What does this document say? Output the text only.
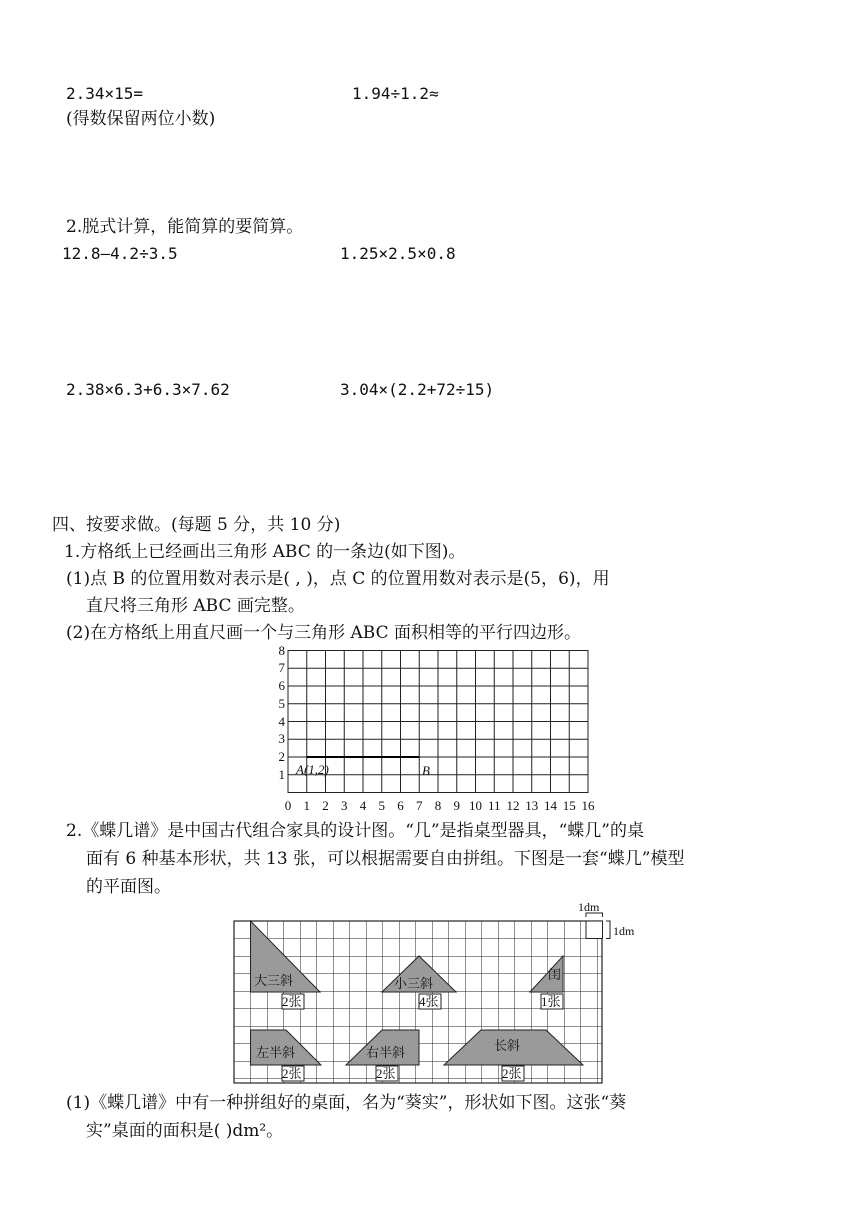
2.34×15=	1.94÷1.2≈
(得数保留两位小数)
2.脱式计算，能简算的要简算。
12.8—4.2÷3.5	1.25×2.5×0.8
2.38×6.3+6.3×7.62	3.04×(2.2+72÷15)
四、按要求做。(每题 5 分，共 10 分)
1.方格纸上已经画出三角形 ABC 的一条边(如下图)。
(1)点 B 的位置用数对表示是( , )，点 C 的位置用数对表示是(5，6)，用
直尺将三角形 ABC 画完整。
(2)在方格纸上用直尺画一个与三角形 ABC 面积相等的平行四边形。
0 1 2 3 4 5 6 7 8 9 10 11 12 13 14 15 16
1
2
3
4
5
6
7
8
A(1,2)	B
2.《蝶几谱》是中国古代组合家具的设计图。“几”是指桌型器具，“蝶几”的桌
面有 6 种基本形状，共 13 张，可以根据需要自由拼组。下图是一套“蝶几”模型
的平面图。
大三斜	小三斜
闺
左半斜	右半斜	长斜
2张	4张	1张
2张	2张	2张
1dm
1dm
(1)《蝶几谱》中有一种拼组好的桌面，名为“葵实”，形状如下图。这张“葵
实”桌面的面积是( )dm²。
